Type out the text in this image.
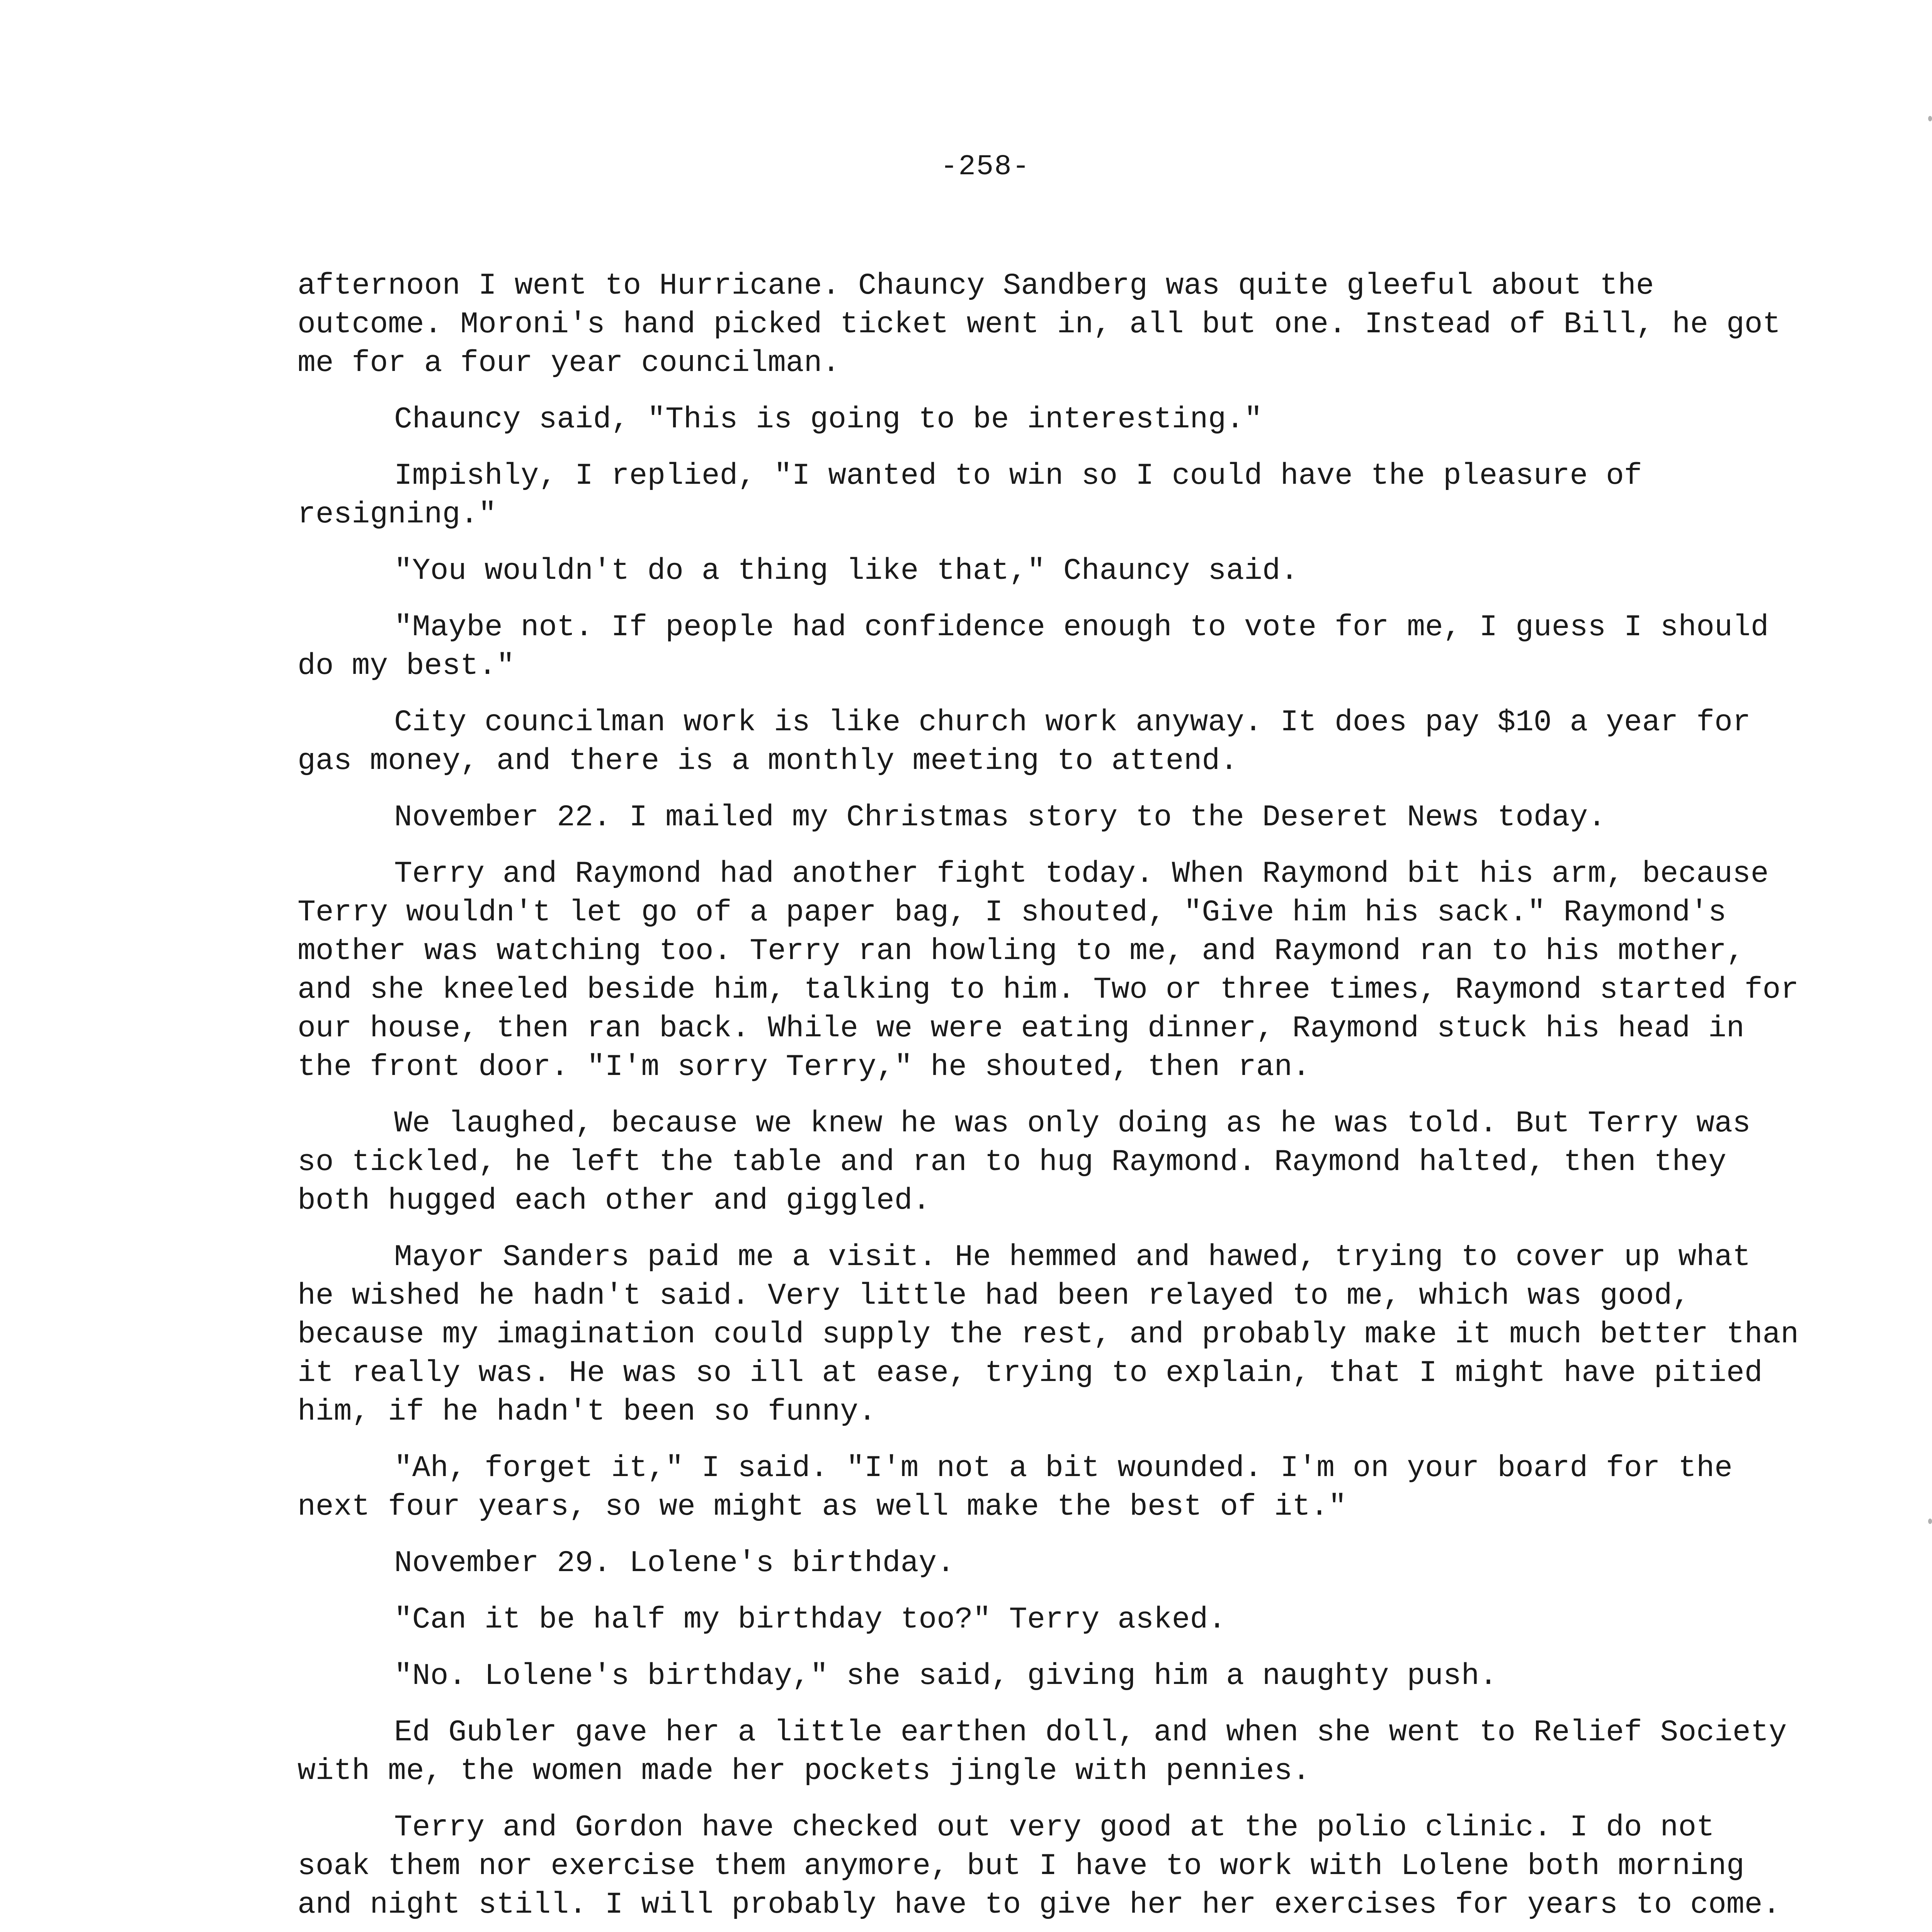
-258-

afternoon I went to Hurricane. Chauncy Sandberg was quite gleeful about the outcome. Moroni's hand picked ticket went in, all but one. Instead of Bill, he got me for a four year councilman.

Chauncy said, "This is going to be interesting."

Impishly, I replied, "I wanted to win so I could have the pleasure of resigning."

"You wouldn't do a thing like that," Chauncy said.

"Maybe not. If people had confidence enough to vote for me, I guess I should do my best."

City councilman work is like church work anyway. It does pay $10 a year for gas money, and there is a monthly meeting to attend.

November 22. I mailed my Christmas story to the Deseret News today.

Terry and Raymond had another fight today. When Raymond bit his arm, because Terry wouldn't let go of a paper bag, I shouted, "Give him his sack." Raymond's mother was watching too. Terry ran howling to me, and Raymond ran to his mother, and she kneeled beside him, talking to him. Two or three times, Raymond started for our house, then ran back. While we were eating dinner, Raymond stuck his head in the front door. "I'm sorry Terry," he shouted, then ran.

We laughed, because we knew he was only doing as he was told. But Terry was so tickled, he left the table and ran to hug Raymond. Raymond halted, then they both hugged each other and giggled.

Mayor Sanders paid me a visit. He hemmed and hawed, trying to cover up what he wished he hadn't said. Very little had been relayed to me, which was good, because my imagination could supply the rest, and probably make it much better than it really was. He was so ill at ease, trying to explain, that I might have pitied him, if he hadn't been so funny.

"Ah, forget it," I said. "I'm not a bit wounded. I'm on your board for the next four years, so we might as well make the best of it."

November 29. Lolene's birthday.

"Can it be half my birthday too?" Terry asked.

"No. Lolene's birthday," she said, giving him a naughty push.

Ed Gubler gave her a little earthen doll, and when she went to Relief Society with me, the women made her pockets jingle with pennies.

Terry and Gordon have checked out very good at the polio clinic. I do not soak them nor exercise them anymore, but I have to work with Lolene both morning and night still. I will probably have to give her her exercises for years to come.
